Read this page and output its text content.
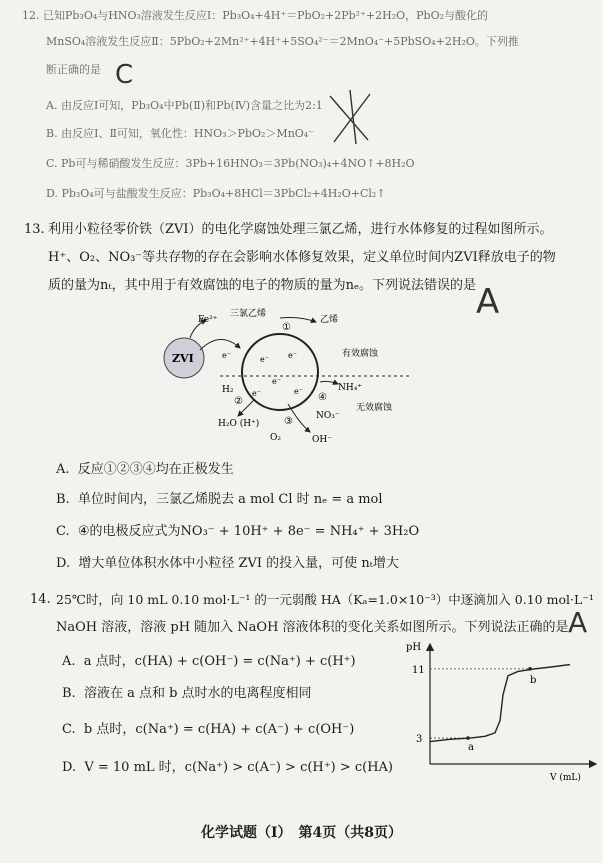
12. 已知Pb₃O₄与HNO₃溶液发生反应Ⅰ：Pb₃O₄+4H⁺＝PbO₂+2Pb²⁺+2H₂O，PbO₂与酸化的
MnSO₄溶液发生反应Ⅱ：5PbO₂+2Mn²⁺+4H⁺+5SO₄²⁻＝2MnO₄⁻+5PbSO₄+2H₂O。下列推
断正确的是 C
A. 由反应Ⅰ可知，Pb₃O₄中Pb(Ⅱ)和Pb(Ⅳ)含量之比为2:1
B. 由反应Ⅰ、Ⅱ可知，氧化性：HNO₃＞PbO₂＞MnO₄⁻
C. Pb可与稀硝酸发生反应：3Pb+16HNO₃＝3Pb(NO₃)₄+4NO↑+8H₂O
D. Pb₃O₄可与盐酸发生反应：Pb₃O₄+8HCl＝3PbCl₂+4H₂O+Cl₂↑
13. 利用小粒径零价铁（ZVI）的电化学腐蚀处理三氯乙烯，进行水体修复的过程如图所示。
H⁺、O₂、NO₃⁻等共存物的存在会影响水体修复效果，定义单位时间内ZVI释放电子的物
质的量为nₜ，其中用于有效腐蚀的电子的物质的量为nₑ。下列说法错误的是 A
ZVI
Fe²⁺
三氯乙烯
①
乙烯
有效腐蚀
无效腐蚀
H₂
②
H₂O (H⁺) ③
O₂	OH⁻
NH₄⁺
④
NO₃⁻
e⁻	e⁻ e⁻
e⁻
e⁻	e⁻
A. 反应①②③④均在正极发生
B. 单位时间内，三氯乙烯脱去 a mol Cl 时 nₑ = a mol
C. ④的电极反应式为NO₃⁻ + 10H⁺ + 8e⁻ = NH₄⁺ + 3H₂O
D. 增大单位体积水体中小粒径 ZVI 的投入量，可使 nₜ增大
14. 25℃时，向 10 mL 0.10 mol·L⁻¹ 的一元弱酸 HA（Kₐ=1.0×10⁻³）中逐滴加入 0.10 mol·L⁻¹
NaOH 溶液，溶液 pH 随加入 NaOH 溶液体积的变化关系如图所示。下列说法正确的是 A
A. a 点时，c(HA) + c(OH⁻) = c(Na⁺) + c(H⁺)
B. 溶液在 a 点和 b 点时水的电离程度相同
C. b 点时，c(Na⁺) = c(HA) + c(A⁻) + c(OH⁻)
D. V = 10 mL 时，c(Na⁺) > c(A⁻) > c(H⁺) > c(HA)
pH
V (mL)
11
3
a
b
化学试题（Ⅰ）　第4页（共8页）
